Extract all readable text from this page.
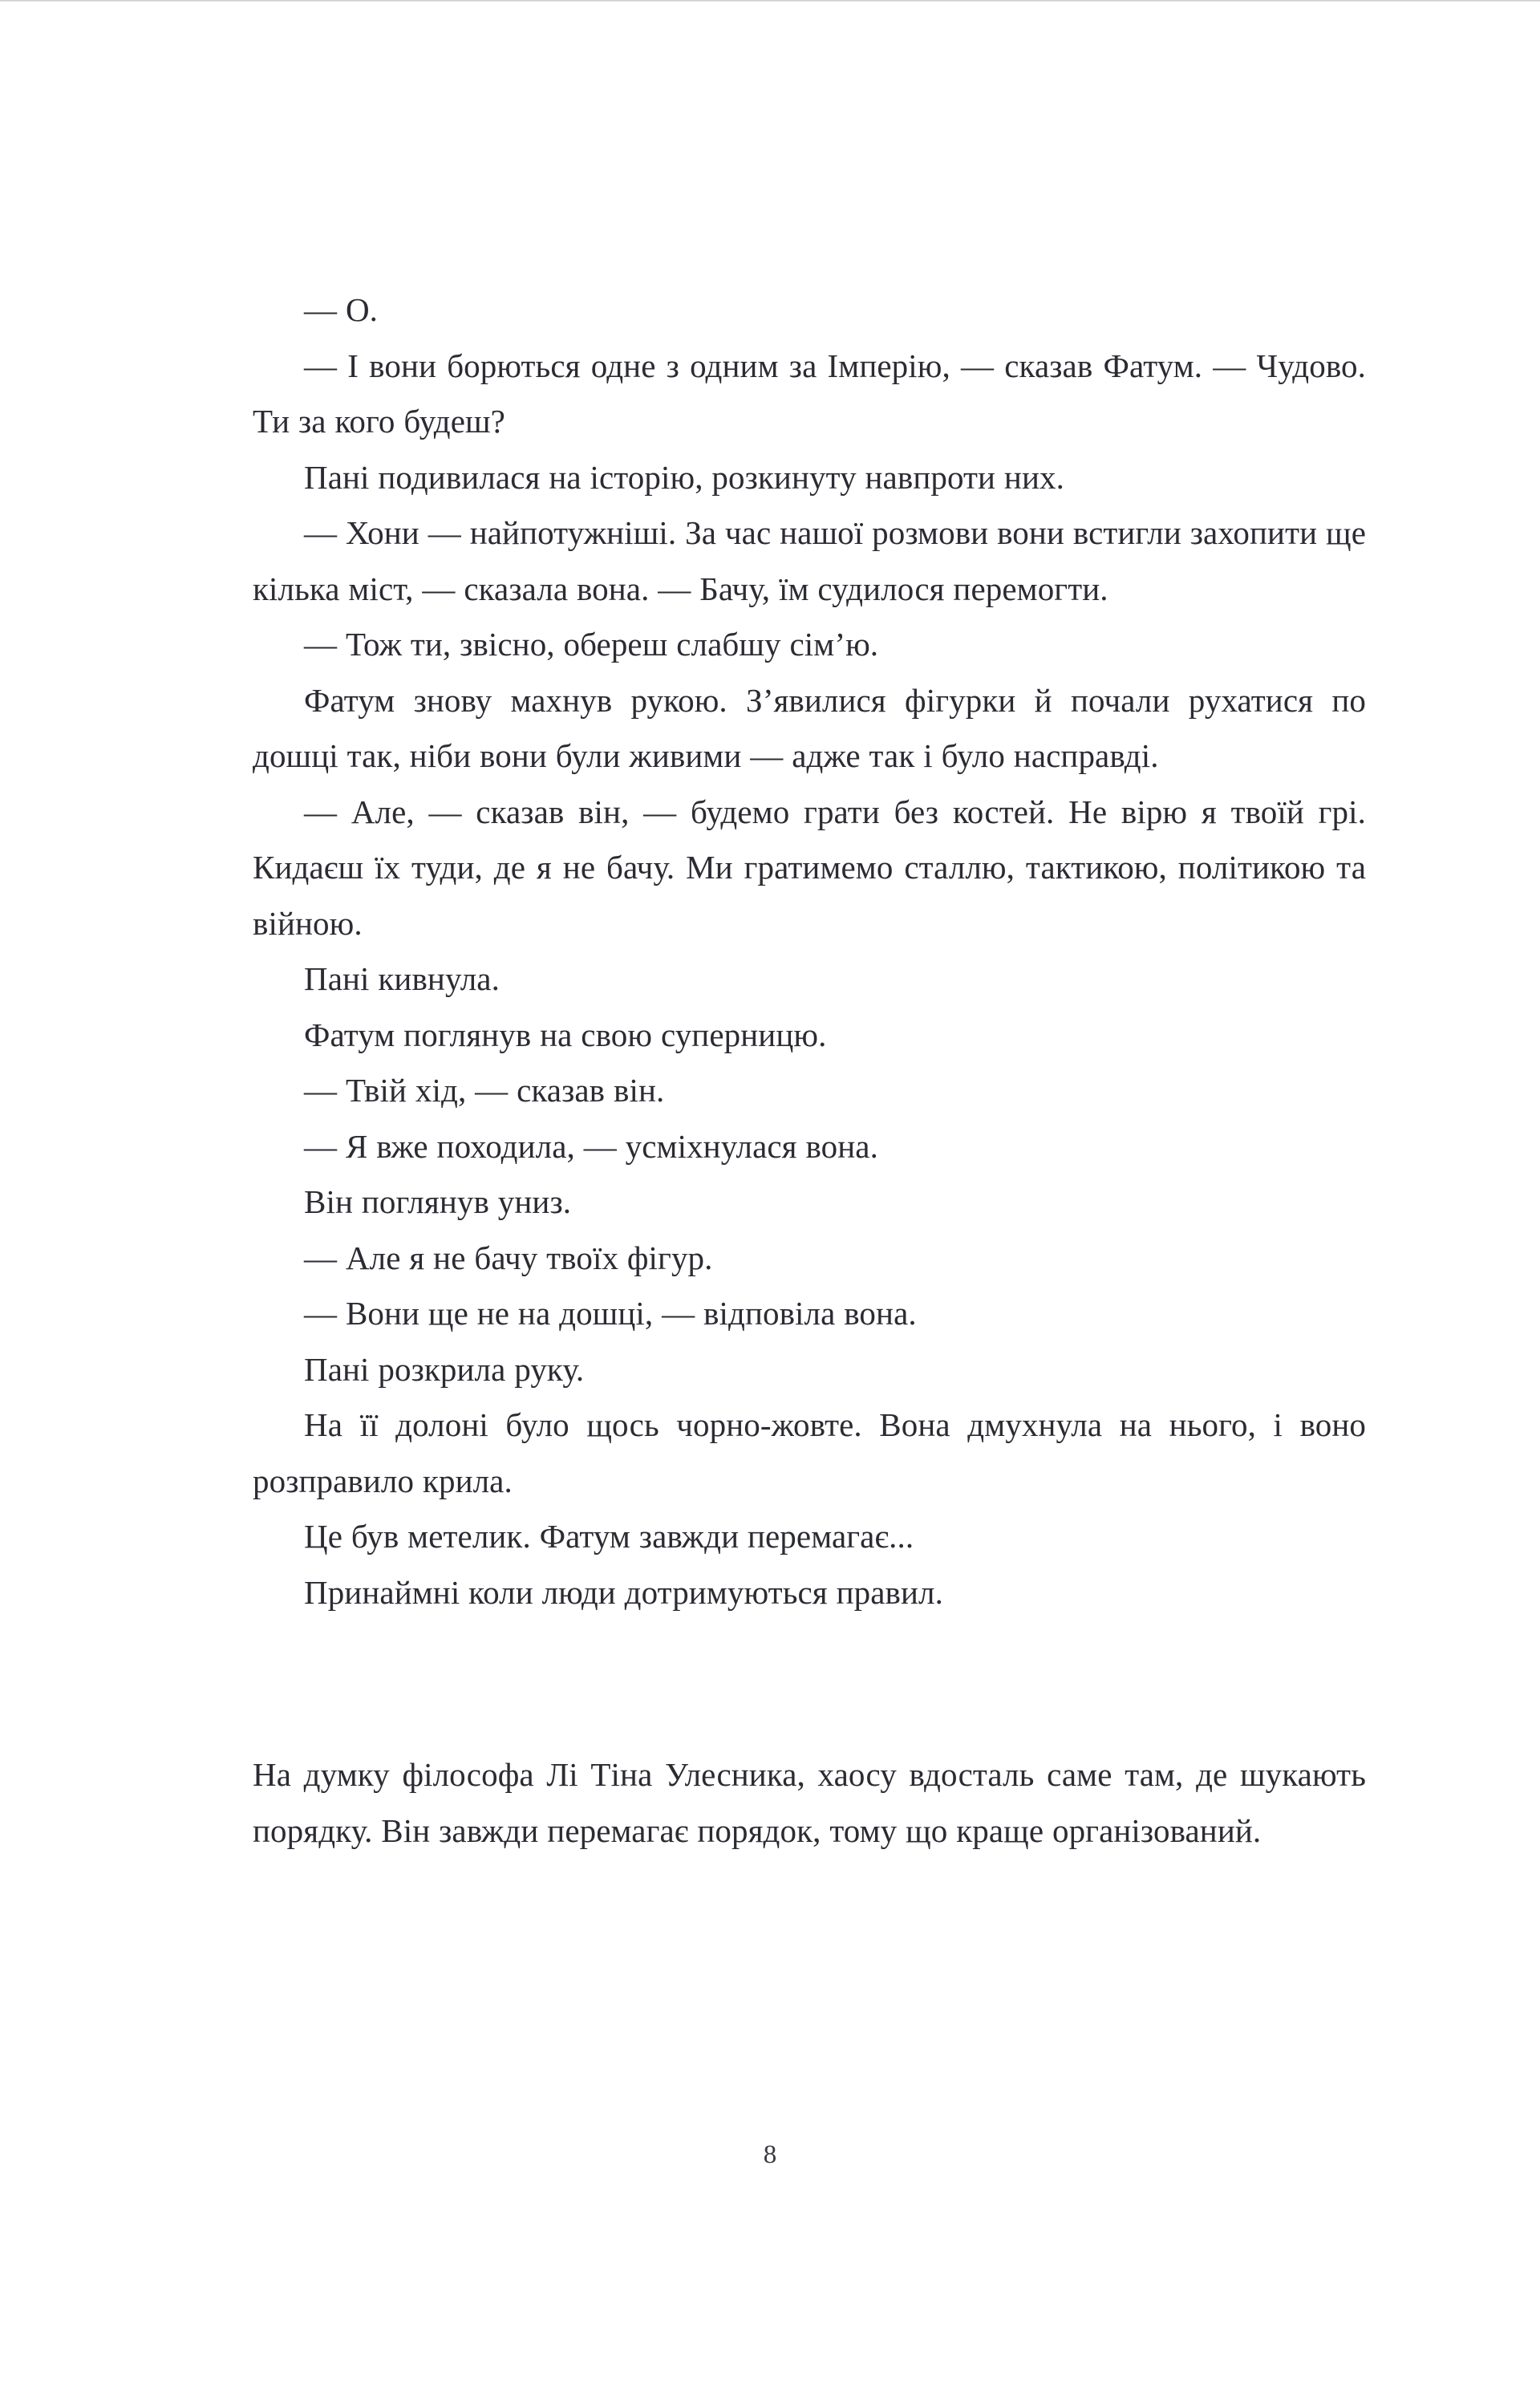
— О.

— І вони борються одне з одним за Імперію, — сказав Фатум. — Чудово. Ти за кого будеш?

Пані подивилася на історію, розкинуту навпроти них.

— Хони — найпотужніші. За час нашої розмови вони встигли захопити ще кілька міст, — сказала вона. — Бачу, їм судилося перемогти.

— Тож ти, звісно, обереш слабшу сім’ю.

Фатум знову махнув рукою. З’явилися фігурки й почали рухатися по дошці так, ніби вони були живими — адже так і було насправді.

— Але, — сказав він, — будемо грати без костей. Не вірю я твоїй грі. Кидаєш їх туди, де я не бачу. Ми гратимемо сталлю, тактикою, політикою та війною.

Пані кивнула.

Фатум поглянув на свою суперницю.

— Твій хід, — сказав він.

— Я вже походила, — усміхнулася вона.

Він поглянув униз.

— Але я не бачу твоїх фігур.

— Вони ще не на дошці, — відповіла вона.

Пані розкрила руку.

На її долоні було щось чорно-жовте. Вона дмухнула на нього, і воно розправило крила.

Це був метелик. Фатум завжди перемагає...

Принаймні коли люди дотримуються правил.

На думку філософа Лі Тіна Улесника, хаосу вдосталь саме там, де шукають порядку. Він завжди перемагає порядок, тому що краще організований.

8
